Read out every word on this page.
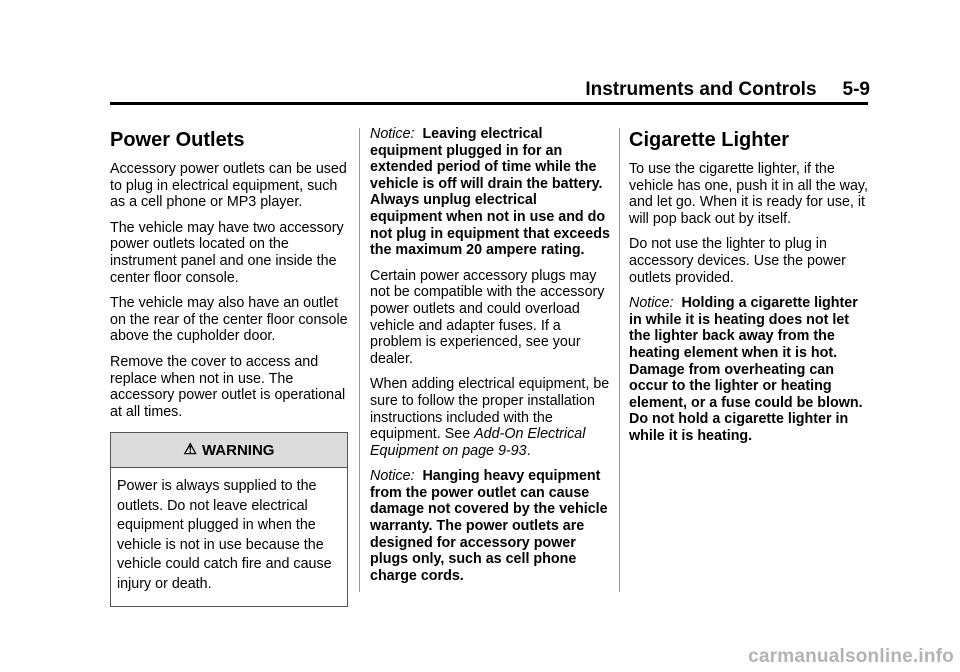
Instruments and Controls 5-9
Power Outlets

Accessory power outlets can be used to plug in electrical equipment, such as a cell phone or MP3 player.

The vehicle may have two accessory power outlets located on the instrument panel and one inside the center floor console.

The vehicle may also have an outlet on the rear of the center floor console above the cupholder door.

Remove the cover to access and replace when not in use. The accessory power outlet is operational at all times.

⚠ WARNING
Power is always supplied to the outlets. Do not leave electrical equipment plugged in when the vehicle is not in use because the vehicle could catch fire and cause injury or death.

Notice: Leaving electrical equipment plugged in for an extended period of time while the vehicle is off will drain the battery. Always unplug electrical equipment when not in use and do not plug in equipment that exceeds the maximum 20 ampere rating.

Certain power accessory plugs may not be compatible with the accessory power outlets and could overload vehicle and adapter fuses. If a problem is experienced, see your dealer.

When adding electrical equipment, be sure to follow the proper installation instructions included with the equipment. See Add-On Electrical Equipment on page 9‑93.

Notice: Hanging heavy equipment from the power outlet can cause damage not covered by the vehicle warranty. The power outlets are designed for accessory power plugs only, such as cell phone charge cords.

Cigarette Lighter

To use the cigarette lighter, if the vehicle has one, push it in all the way, and let go. When it is ready for use, it will pop back out by itself.

Do not use the lighter to plug in accessory devices. Use the power outlets provided.

Notice: Holding a cigarette lighter in while it is heating does not let the lighter back away from the heating element when it is hot. Damage from overheating can occur to the lighter or heating element, or a fuse could be blown. Do not hold a cigarette lighter in while it is heating.

carmanualsonline.info
